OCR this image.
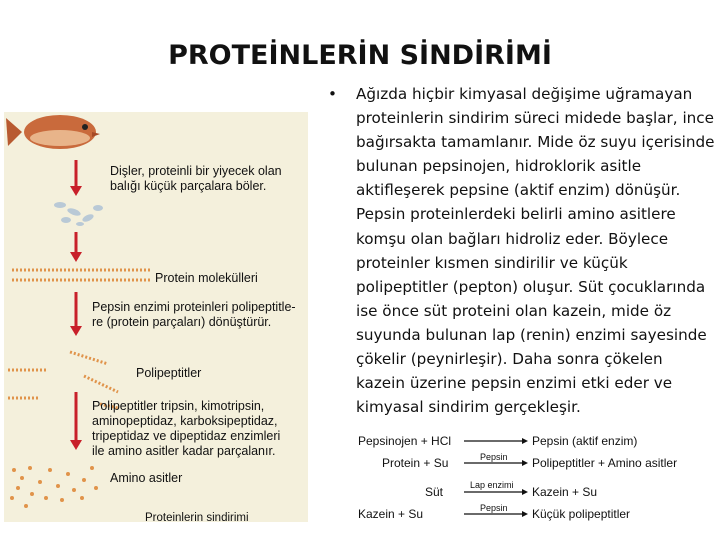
PROTEİNLERİN SİNDİRİMİ
•	Ağızda hiçbir kimyasal değişime uğramayan proteinlerin sindirim süreci midede başlar, ince bağırsakta tamamlanır. Mide öz suyu içerisinde bulunan pepsinojen, hidroklorik asitle aktifleşerek pepsine (aktif enzim) dönüşür. Pepsin proteinlerdeki belirli amino asitlere komşu olan bağları hidroliz eder. Böylece proteinler kısmen sindirilir ve küçük polipeptitler (pepton) oluşur. Süt çocuklarında ise önce süt proteini olan kazein, mide öz suyunda bulunan lap (renin) enzimi sayesinde çökelir (peynirleşir). Daha sonra çökelen kazein üzerine pepsin enzimi etki eder ve kimyasal sindirim gerçekleşir.
Dişler, proteinli bir yiyecek olan
balığı küçük parçalara böler.
Protein molekülleri
Pepsin enzimi proteinleri polipeptitle-
re (protein parçaları) dönüştürür.
Polipeptitler
Polipeptitler tripsin, kimotripsin,
aminopeptidaz, karboksipeptidaz,
tripeptidaz ve dipeptidaz enzimleri
ile amino asitler kadar parçalanır.
Amino asitler
Proteinlerin sindirimi
Pepsinojen + HCl	Pepsin (aktif enzim)
Pepsin
Protein + Su	Polipeptitler + Amino asitler
Lap enzimi
Süt	Kazein + Su
Pepsin
Kazein + Su	Küçük polipeptitler
